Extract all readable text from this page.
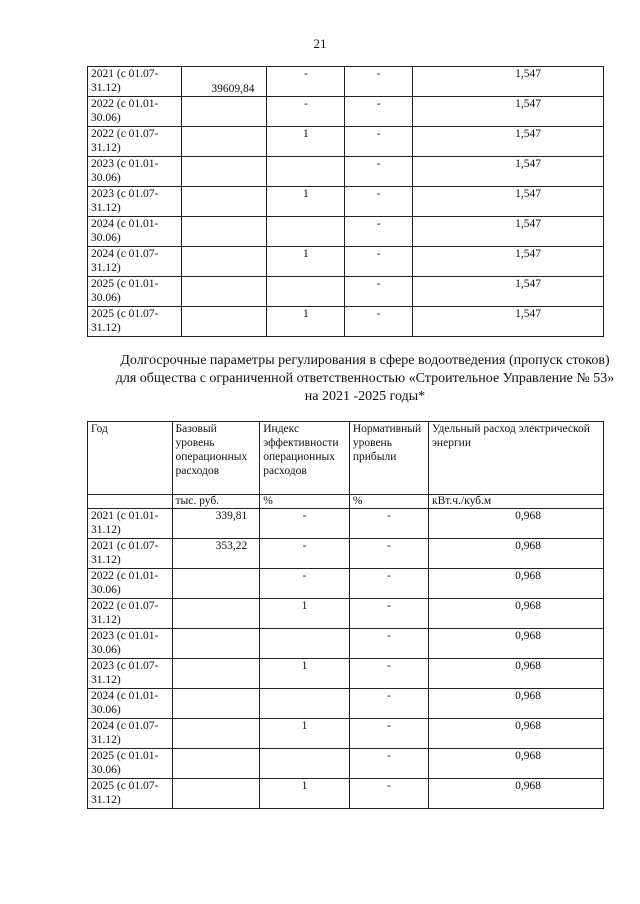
21
2021 (с 01.07-31.12)	39609,84	-	-	1,547
2022 (с 01.01-30.06)		-	-	1,547
2022 (с 01.07-31.12)		1	-	1,547
2023 (с 01.01-30.06)			-	1,547
2023 (с 01.07-31.12)		1	-	1,547
2024 (с 01.01-30.06)			-	1,547
2024 (с 01.07-31.12)		1	-	1,547
2025 (с 01.01-30.06)			-	1,547
2025 (с 01.07-31.12)		1	-	1,547
Долгосрочные параметры регулирования в сфере водоотведения (пропуск стоков) для общества с ограниченной ответственностью «Строительное Управление № 53» на 2021 -2025 годы*
Год	Базовый уровень операционных расходов	Индекс эффективности операционных расходов	Нормативный уровень прибыли	Удельный расход электрической энергии
	тыс. руб.	%	%	кВт.ч./куб.м
2021 (с 01.01-31.12)	339,81	-	-	0,968
2021 (с 01.07-31.12)	353,22	-	-	0,968
2022 (с 01.01-30.06)		-	-	0,968
2022 (с 01.07-31.12)		1	-	0,968
2023 (с 01.01-30.06)			-	0,968
2023 (с 01.07-31.12)		1	-	0,968
2024 (с 01.01-30.06)			-	0,968
2024 (с 01.07-31.12)		1	-	0,968
2025 (с 01.01-30.06)			-	0,968
2025 (с 01.07-31.12)		1	-	0,968
